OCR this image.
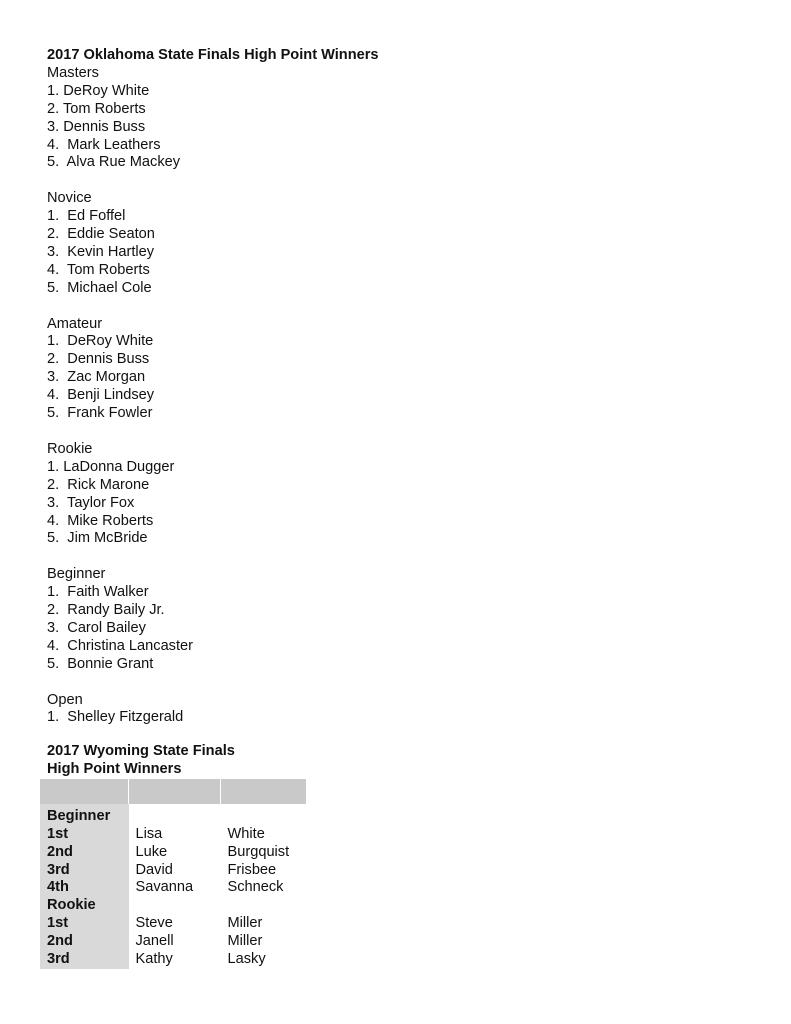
2017 Oklahoma State Finals High Point Winners
Masters
1. DeRoy White
2. Tom Roberts
3. Dennis Buss
4.  Mark Leathers
5.  Alva Rue Mackey
Novice
1.  Ed Foffel
2.  Eddie Seaton
3.  Kevin Hartley
4.  Tom Roberts
5.  Michael Cole
Amateur
1.  DeRoy White
2.  Dennis Buss
3.  Zac Morgan
4.  Benji Lindsey
5.  Frank Fowler
Rookie
1. LaDonna Dugger
2.  Rick Marone
3.  Taylor Fox
4.  Mike Roberts
5.  Jim McBride
Beginner
1.  Faith Walker
2.  Randy Baily Jr.
3.  Carol Bailey
4.  Christina Lancaster
5.  Bonnie Grant
Open
1.  Shelley Fitzgerald
2017 Wyoming State Finals
High Point Winners

Beginner		
1st	Lisa	White
2nd	Luke	Burgquist
3rd	David	Frisbee
4th	Savanna	Schneck
Rookie		
1st	Steve	Miller
2nd	Janell	Miller
3rd	Kathy	Lasky
